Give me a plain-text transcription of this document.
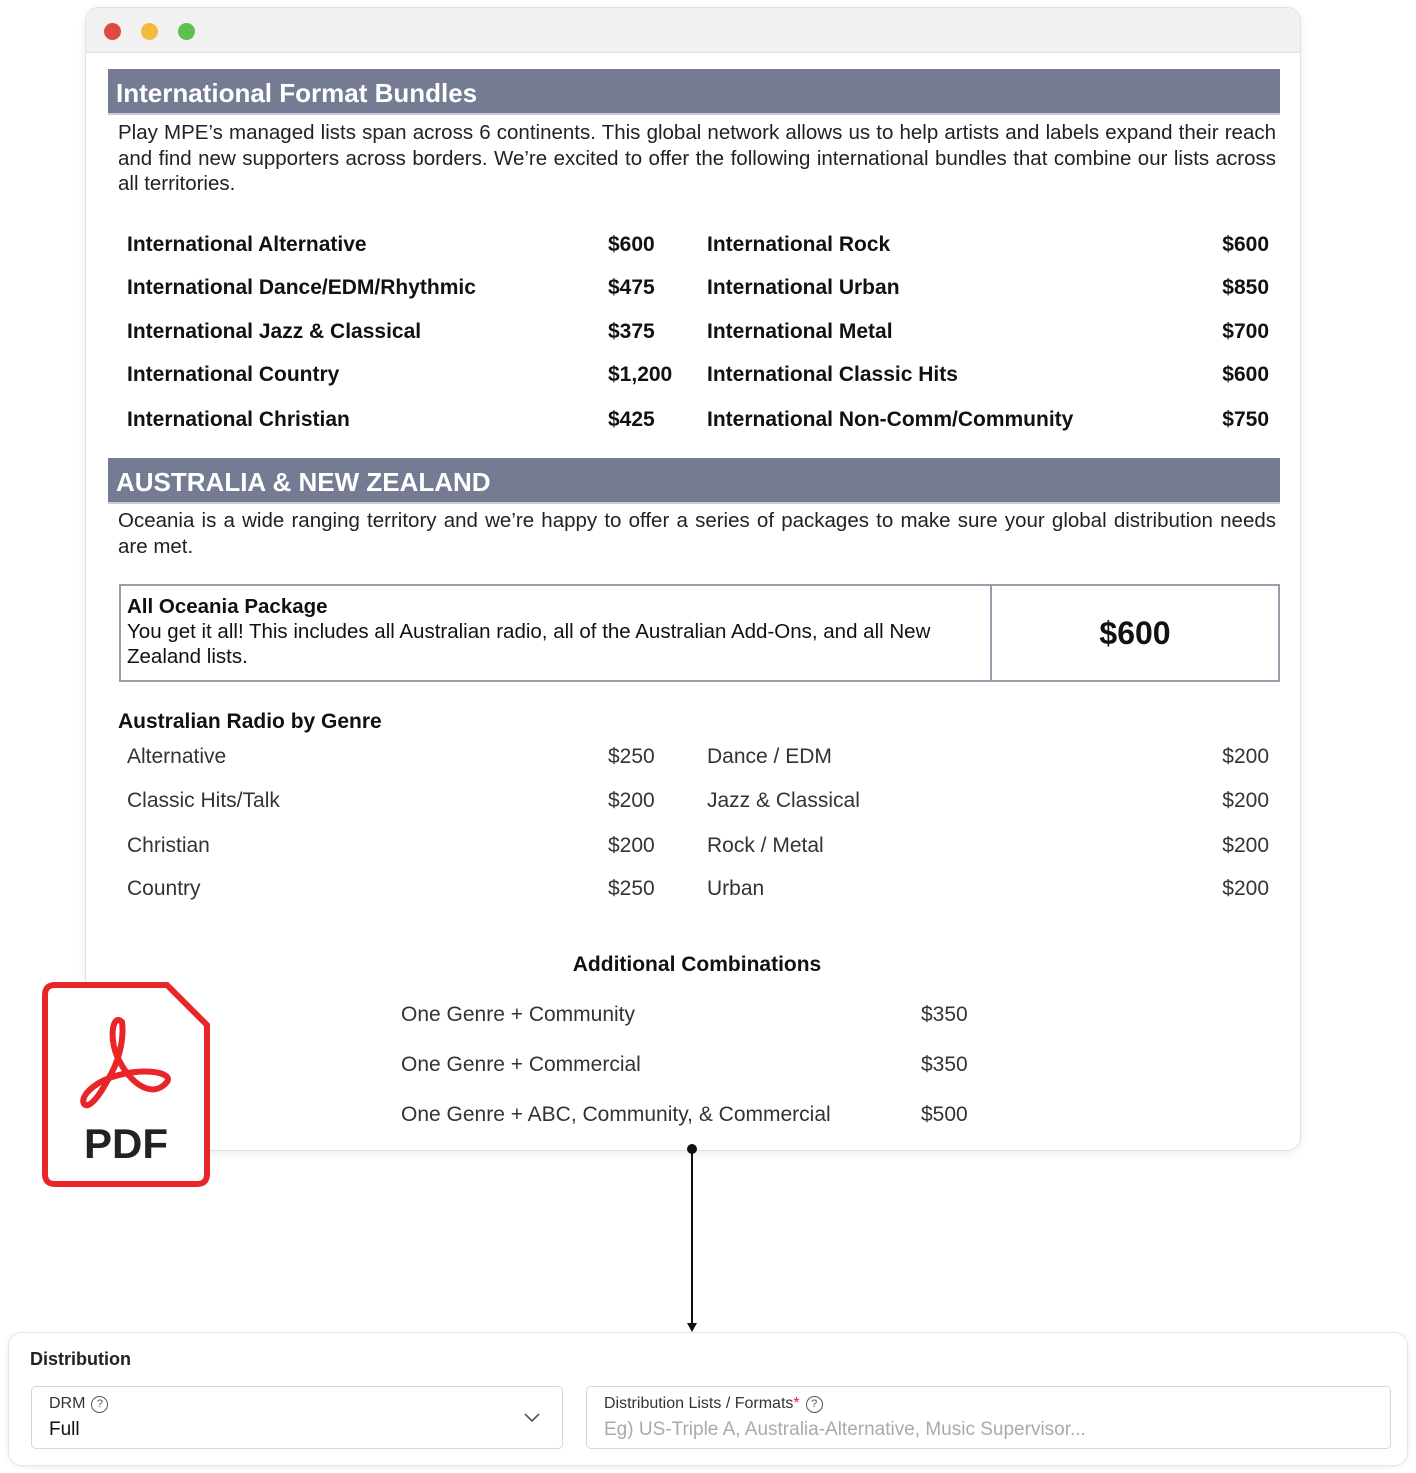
International Format Bundles
Play MPE’s managed lists span across 6 continents. This global network allows us to help artists and labels expand their reach and find new supporters across borders. We’re excited to offer the following international bundles that combine our lists across all territories.
International Alternative	$600 International Rock	$600
International Dance/EDM/Rhythmic	$475 International Urban	$850
International Jazz & Classical	$375 International Metal	$700
International Country	$1,200 International Classic Hits	$600
International Christian	$425 International Non-Comm/Community	$750
AUSTRALIA & NEW ZEALAND
Oceania is a wide ranging territory and we’re happy to offer a series of packages to make sure your global distribution needs are met.
All Oceania Package
You get it all! This includes all Australian radio, all of the Australian Add-Ons, and all New Zealand lists.
$600
Australian Radio by Genre
Alternative	$250 Dance / EDM	$200
Classic Hits/Talk	$200 Jazz & Classical	$200
Christian	$200 Rock / Metal	$200
Country	$250 Urban	$200
Additional Combinations
One Genre + Community	$350
One Genre + Commercial	$350
One Genre + ABC, Community, & Commercial	$500
PDF
Distribution
DRM	?
Full
Distribution Lists / Formats*	?
Eg) US-Triple A, Australia-Alternative, Music Supervisor...
